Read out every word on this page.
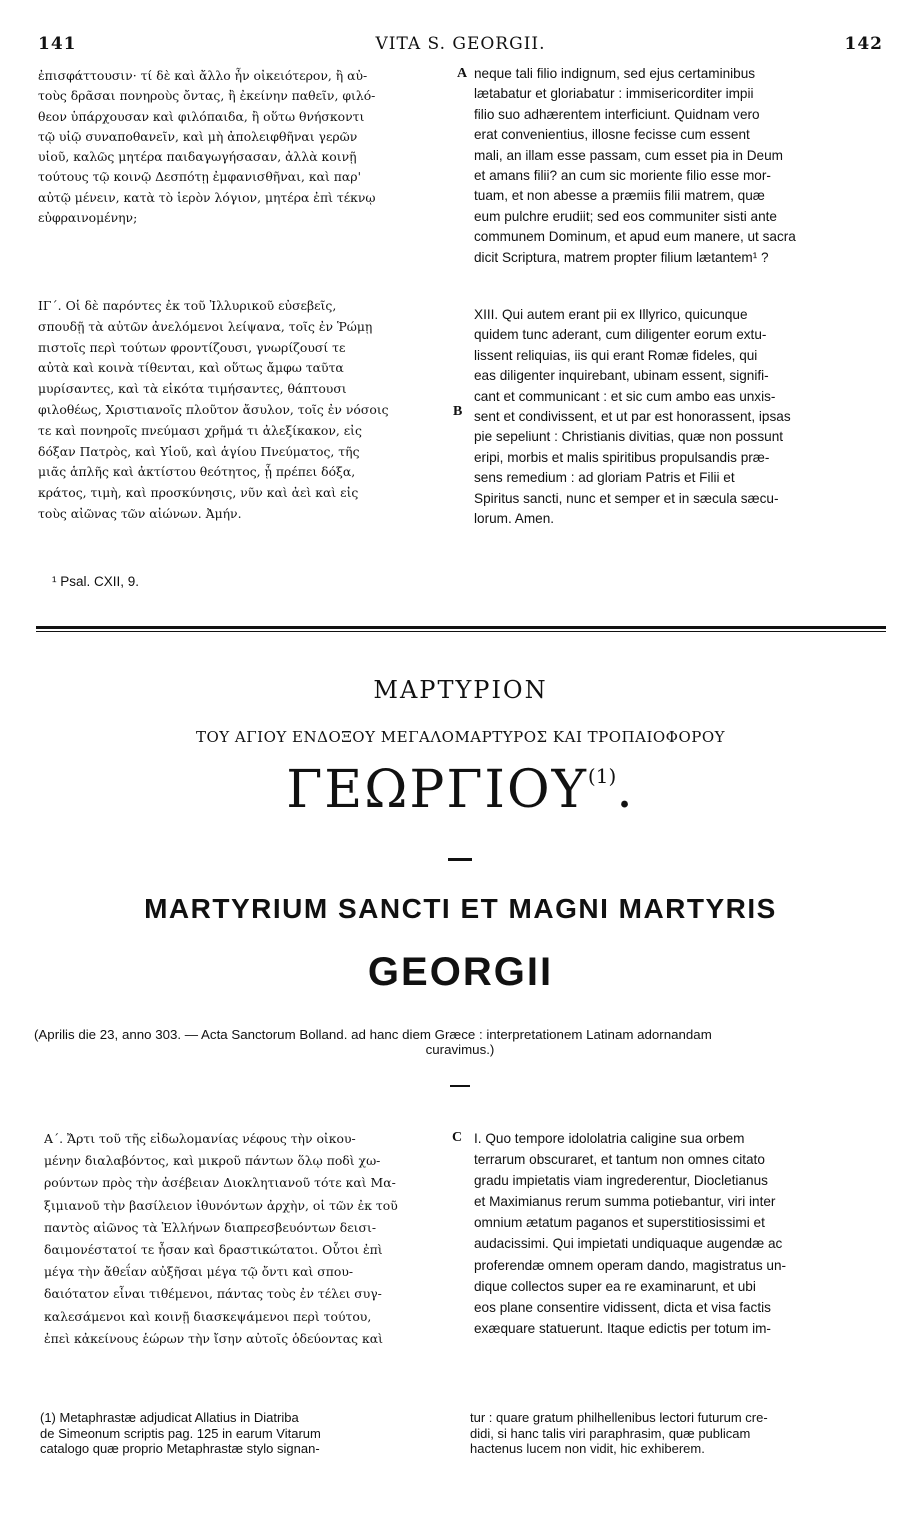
VITA S. GEORGII.
141	142
A
B
C

ἐπισφάττουσιν· τί δὲ καὶ ἄλλο ἦν οἰκειότερον, ἢ αὐ-

τοὺς δρᾶσαι πονηροὺς ὄντας, ἢ ἐκείνην παθεῖν, φιλό-

θεον ὑπάρχουσαν καὶ φιλόπαιδα, ἢ οὕτω θνήσκοντι

τῷ υἱῷ συναποθανεῖν, καὶ μὴ ἀπολειφθῆναι γερῶν

υἱοῦ, καλῶς μητέρα παιδαγωγήσασαν, ἀλλὰ κοινῇ

τούτους τῷ κοινῷ Δεσπότῃ ἐμφανισθῆναι, καὶ παρ'

αὐτῷ μένειν, κατὰ τὸ ἱερὸν λόγιον, μητέρα ἐπὶ τέκνῳ

εὐφραινομένην;

neque tali filio indignum, sed ejus certaminibus

lætabatur et gloriabatur : immisericorditer impii

filio suo adhærentem interficiunt. Quidnam vero

erat convenientius, illosne fecisse cum essent

mali, an illam esse passam, cum esset pia in Deum

et amans filii? an cum sic moriente filio esse mor-

tuam, et non abesse a præmiis filii matrem, quæ

eum pulchre erudiit; sed eos communiter sisti ante

communem Dominum, et apud eum manere, ut sacra

dicit Scriptura, matrem propter filium lætantem¹ ?

ΙΓ΄. Οἱ δὲ παρόντες ἐκ τοῦ Ἰλλυρικοῦ εὐσεβεῖς,

σπουδῇ τὰ αὐτῶν ἀνελόμενοι λείψανα, τοῖς ἐν Ῥώμῃ

πιστοῖς περὶ τούτων φροντίζουσι, γνωρίζουσί τε

αὐτὰ καὶ κοινὰ τίθενται, καὶ οὕτως ἄμφω ταῦτα

μυρίσαντες, καὶ τὰ εἰκότα τιμήσαντες, θάπτουσι

φιλοθέως, Χριστιανοῖς πλοῦτον ἄσυλον, τοῖς ἐν νόσοις

τε καὶ πονηροῖς πνεύμασι χρῆμά τι ἀλεξίκακον, εἰς

δόξαν Πατρὸς, καὶ Υἱοῦ, καὶ ἁγίου Πνεύματος, τῆς

μιᾶς ἁπλῆς καὶ ἀκτίστου θεότητος, ᾗ πρέπει δόξα,

κράτος, τιμὴ, καὶ προσκύνησις, νῦν καὶ ἀεὶ καὶ εἰς

τοὺς αἰῶνας τῶν αἰώνων. Ἀμήν.

XIII. Qui autem erant pii ex Illyrico, quicunque

quidem tunc aderant, cum diligenter eorum extu-

lissent reliquias, iis qui erant Romæ fideles, qui

eas diligenter inquirebant, ubinam essent, signifi-

cant et communicant : et sic cum ambo eas unxis-

sent et condivissent, et ut par est honorassent, ipsas

pie sepeliunt : Christianis divitias, quæ non possunt

eripi, morbis et malis spiritibus propulsandis præ-

sens remedium : ad gloriam Patris et Filii et

Spiritus sancti, nunc et semper et in sæcula sæcu-

lorum. Amen.

¹ Psal. CXII, 9.
ΜΑΡΤΥΡΙΟΝ
ΤΟΥ ΑΓΙΟΥ ΕΝΔΟΞΟΥ ΜΕΓΑΛΟΜΑΡΤΥΡΟΣ ΚΑΙ ΤΡΟΠΑΙΟΦΟΡΟΥ
ΓΕΩΡΓΙΟΥ$^{(1)}$.
MARTYRIUM SANCTI ET MAGNI MARTYRIS
GEORGII
(Aprilis die 23, anno 303. — Acta Sanctorum Bolland. ad hanc diem Græce : interpretationem Latinam adornandam
curavimus.)

Α΄. Ἄρτι τοῦ τῆς εἰδωλομανίας νέφους τὴν οἰκου-

μένην διαλαβόντος, καὶ μικροῦ πάντων ὅλῳ ποδὶ χω-

ρούντων πρὸς τὴν ἀσέβειαν Διοκλητιανοῦ τότε καὶ Μα-

ξιμιανοῦ τὴν βασίλειον ἰθυνόντων ἀρχὴν, οἱ τῶν ἐκ τοῦ

παντὸς αἰῶνος τὰ Ἑλλήνων διαπρεσβευόντων δεισι-

δαιμονέστατοί τε ἦσαν καὶ δραστικώτατοι. Οὗτοι ἐπὶ

μέγα τὴν ἄθεΐαν αὐξῆσαι μέγα τῷ ὄντι καὶ σπου-

δαιότατον εἶναι τιθέμενοι, πάντας τοὺς ἐν τέλει συγ-

καλεσάμενοι καὶ κοινῇ διασκεψάμενοι περὶ τούτου,

ἐπεὶ κἀκείνους ἑώρων τὴν ἴσην αὐτοῖς ὁδεύοντας καὶ

I. Quo tempore idololatria caligine sua orbem

terrarum obscuraret, et tantum non omnes citato

gradu impietatis viam ingrederentur, Diocletianus

et Maximianus rerum summa potiebantur, viri inter

omnium ætatum paganos et superstitiosissimi et

audacissimi. Qui impietati undiquaque augendæ ac

proferendæ omnem operam dando, magistratus un-

dique collectos super ea re examinarunt, et ubi

eos plane consentire vidissent, dicta et visa factis

exæquare statuerunt. Itaque edictis per totum im-

(1) Metaphrastæ adjudicat Allatius in Diatriba
de Simeonum scriptis pag. 125 in earum Vitarum
catalogo quæ proprio Metaphrastæ stylo signan-
tur : quare gratum philhellenibus lectori futurum cre-
didi, si hanc talis viri paraphrasim, quæ publicam
hactenus lucem non vidit, hic exhiberem.
